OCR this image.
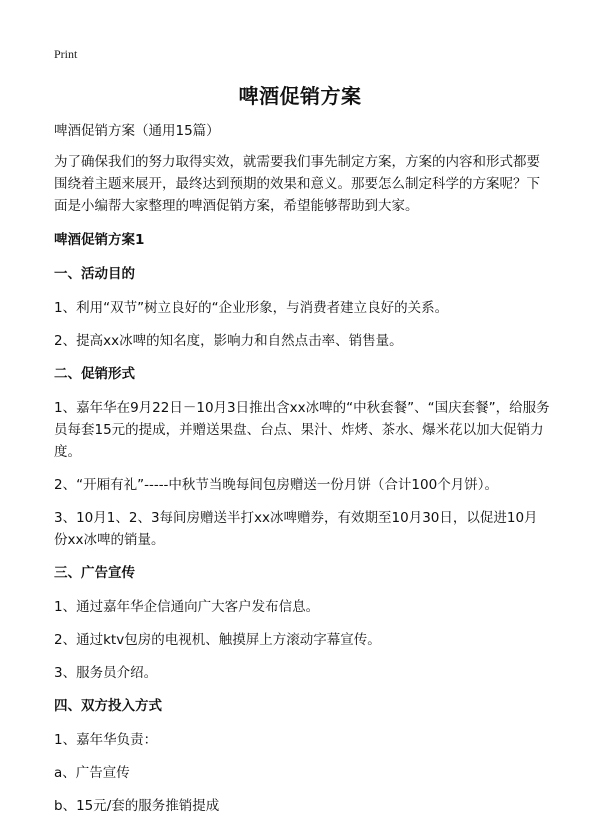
Print
啤酒促销方案

啤酒促销方案（通用15篇）

为了确保我们的努力取得实效，就需要我们事先制定方案，方案的内容和形式都要围绕着主题来展开，最终达到预期的效果和意义。那要怎么制定科学的方案呢？下面是小编帮大家整理的啤酒促销方案，希望能够帮助到大家。

啤酒促销方案1

一、活动目的

1、利用“双节”树立良好的“企业形象，与消费者建立良好的关系。

2、提高xx冰啤的知名度，影响力和自然点击率、销售量。

二、促销形式

1、嘉年华在9月22日－10月3日推出含xx冰啤的“中秋套餐”、“国庆套餐”，给服务员每套15元的提成，并赠送果盘、台点、果汁、炸烤、茶水、爆米花以加大促销力度。

2、“开厢有礼”-----中秋节当晚每间包房赠送一份月饼（合计100个月饼）。

3、10月1、2、3每间房赠送半打xx冰啤赠券，有效期至10月30日，以促进10月份xx冰啤的销量。

三、广告宣传

1、通过嘉年华企信通向广大客户发布信息。

2、通过ktv包房的电视机、触摸屏上方滚动字幕宣传。

3、服务员介绍。

四、双方投入方式

1、嘉年华负责：

a、广告宣传

b、15元/套的服务推销提成
